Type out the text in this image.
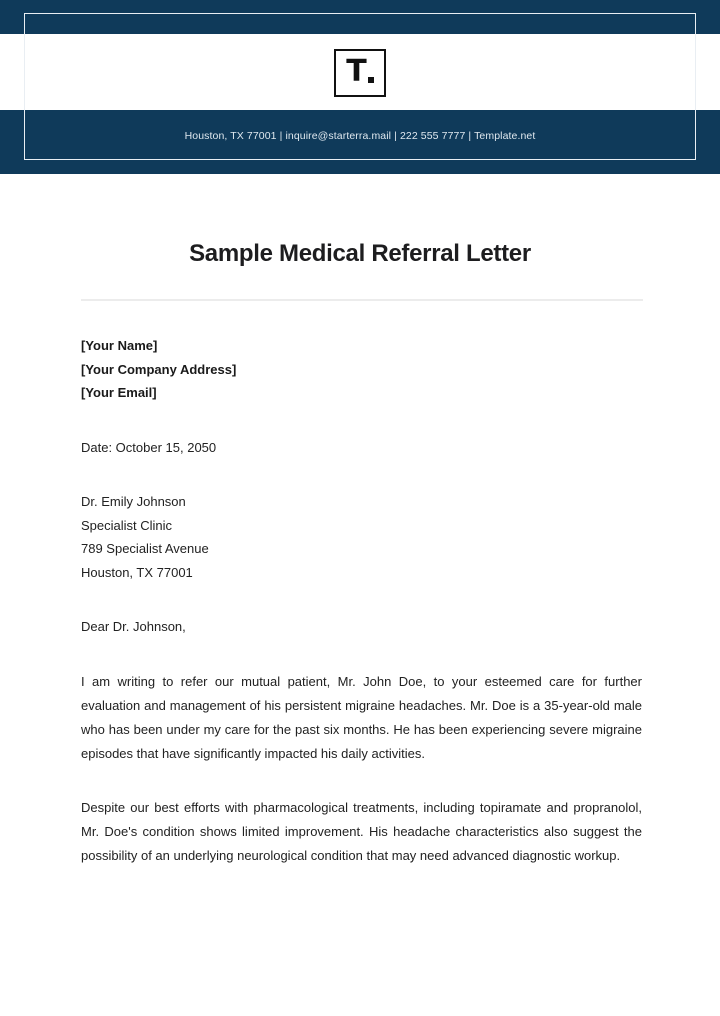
T
Houston, TX 77001 | inquire@starterra.mail | 222 555 7777 | Template.net
Sample Medical Referral Letter

[Your Name]

[Your Company Address]

[Your Email]

Date: October 15, 2050

Dr. Emily Johnson

Specialist Clinic

789 Specialist Avenue

Houston, TX 77001

Dear Dr. Johnson,

I am writing to refer our mutual patient, Mr. John Doe, to your esteemed care for further evaluation and management of his persistent migraine headaches. Mr. Doe is a 35-year-old male who has been under my care for the past six months. He has been experiencing severe migraine episodes that have significantly impacted his daily activities.

Despite our best efforts with pharmacological treatments, including topiramate and propranolol, Mr. Doe's condition shows limited improvement. His headache characteristics also suggest the possibility of an underlying neurological condition that may need advanced diagnostic workup.
